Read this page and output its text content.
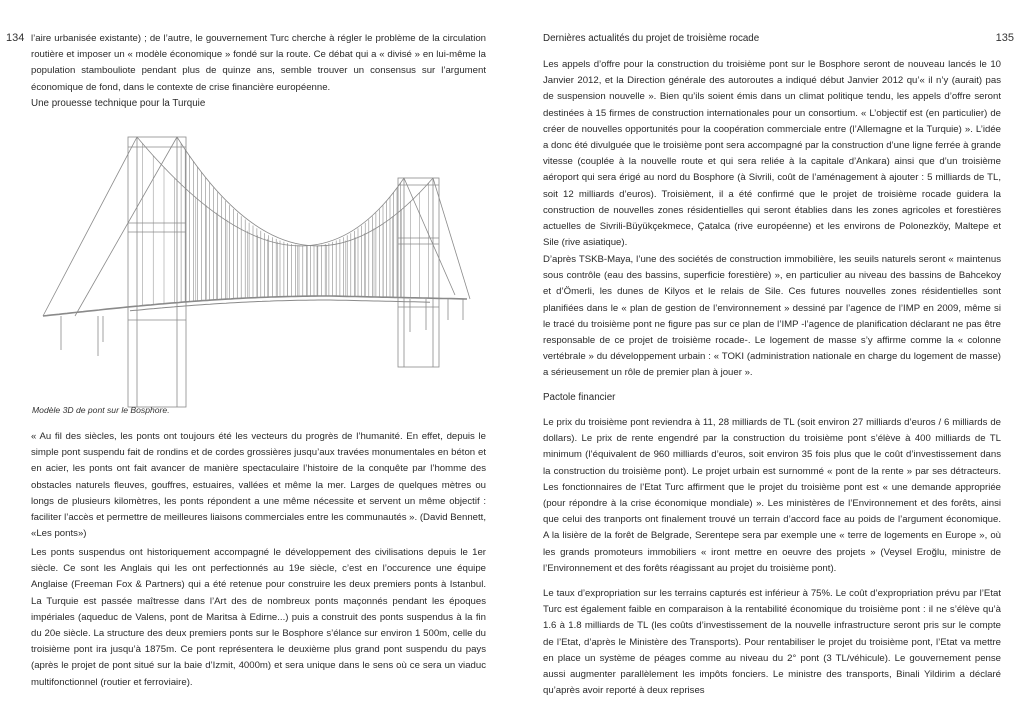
134 l’aire urbanisée existante) ; de l’autre, le gouvernement Turc cherche à régler le problème de la circulation routière et imposer un « modèle économique » fondé sur la route. Ce débat qui a « divisé » en lui-même la population stambouliote pendant plus de quinze ans, semble trouver un consensus sur l’argument économique de fond, dans le contexte de crise financière européenne.

Une prouesse technique pour la Turquie
Modèle 3D de pont sur le Bosphore.

« Au fil des siècles, les ponts ont toujours été les vecteurs du progrès de l’humanité. En effet, depuis le simple pont suspendu fait de rondins et de cordes grossières jusqu’aux travées monumentales en béton et en acier, les ponts ont fait avancer de manière spectaculaire l’histoire de la conquête par l’homme des obstacles naturels fleuves, gouffres, estuaires, vallées et même la mer. Larges de quelques mètres ou longs de plusieurs kilomètres, les ponts répondent a une même nécessite et servent un même objectif : faciliter l’accès et permettre de meilleures liaisons commerciales entre les communautés ». (David Bennett, «Les ponts»)

Les ponts suspendus ont historiquement accompagné le développement des civilisations depuis le 1er siècle. Ce sont les Anglais qui les ont perfectionnés au 19e siècle, c’est en l’occurence une équipe Anglaise (Freeman Fox & Partners) qui a été retenue pour construire les deux premiers ponts à Istanbul. La Turquie est passée maîtresse dans l’Art des de nombreux ponts maçonnés pendant les époques impériales (aqueduc de Valens, pont de Maritsa à Edirne...) puis a construit des ponts suspendus à la fin du 20e siècle. La structure des deux premiers ponts sur le Bosphore s’élance sur environ 1 500m, celle du troisième pont ira jusqu’à 1875m. Ce pont représentera le deuxième plus grand pont suspendu du pays (après le projet de pont situé sur la baie d’Izmit, 4000m) et sera unique dans le sens où ce sera un viaduc multifonctionnel (routier et ferroviaire).

Dernières actualités du projet de troisième rocade	135

Les appels d’offre pour la construction du troisième pont sur le Bosphore seront de nouveau lancés le 10 Janvier 2012, et la Direction générale des autoroutes a indiqué début Janvier 2012 qu’« il n’y (aurait) pas de suspension nouvelle ». Bien qu’ils soient émis dans un climat politique tendu, les appels d’offre seront destinées à 15 firmes de construction internationales pour un consortium. « L’objectif est (en particulier) de créer de nouvelles opportunités pour la coopération commerciale entre (l’Allemagne et la Turquie) ». L’idée a donc été divulguée que le troisième pont sera accompagné par la construction d’une ligne ferrée à grande vitesse (couplée à la nouvelle route et qui sera reliée à la capitale d’Ankara) ainsi que d’un troisième aéroport qui sera érigé au nord du Bosphore (à Sivrili, coût de l’aménagement à ajouter : 5 milliards de TL, soit 12 milliards d’euros). Troisièment, il a été confirmé que le projet de troisième rocade guidera la construction de nouvelles zones résidentielles qui seront établies dans les zones agricoles et forestières actuelles de Sivrili-Büyükçekmece, Çatalca (rive européenne) et les environs de Polonezköy, Maltepe et Sile (rive asiatique).

D’après TSKB-Maya, l’une des sociétés de construction immobilière, les seuils naturels seront « maintenus sous contrôle (eau des bassins, superficie forestière) », en particulier au niveau des bassins de Bahcekoy et d’Ömerli, les dunes de Kilyos et le relais de Sile. Ces futures nouvelles zones résidentielles sont planifiées dans le « plan de gestion de l’environnement » dessiné par l’agence de l’IMP en 2009, même si le tracé du troisième pont ne figure pas sur ce plan de l’IMP -l’agence de planification déclarant ne pas être responsable de ce projet de troisième rocade-. Le logement de masse s’y affirme comme la « colonne vertébrale » du développement urbain : « TOKI (administration nationale en charge du logement de masse) a sérieusement un rôle de premier plan à jouer ».

Pactole financier

Le prix du troisième pont reviendra à 11, 28 milliards de TL (soit environ 27 milliards d’euros / 6 milliards de dollars). Le prix de rente engendré par la construction du troisième pont s’élève à 400 milliards de TL minimum (l’équivalent de 960 milliards d’euros, soit environ 35 fois plus que le coût d’investissement dans la construction du troisième pont). Le projet urbain est surnommé « pont de la rente » par ses détracteurs. Les fonctionnaires de l’Etat Turc affirment que le projet du troisième pont est « une demande appropriée (pour répondre à la crise économique mondiale) ». Les ministères de l’Environnement et des forêts, ainsi que celui des tranports ont finalement trouvé un terrain d’accord face au poids de l’argument économique. A la lisière de la forêt de Belgrade, Serentepe sera par exemple une « terre de logements en Europe », où les grands promoteurs immobiliers « iront mettre en oeuvre des projets » (Veysel Eroğlu, ministre de l’Environnement et des forêts réagissant au projet du troisième pont).

Le taux d’expropriation sur les terrains capturés est inférieur à 75%. Le coût d’expropriation prévu par l’Etat Turc est également faible en comparaison à la rentabilité économique du troisième pont : il ne s’élève qu’à 1.6 à 1.8 milliards de TL (les coûts d’investissement de la nouvelle infrastructure seront pris sur le compte de l’Etat, d’après le Ministère des Transports). Pour rentabiliser le projet du troisième pont, l’Etat va mettre en place un système de péages comme au niveau du 2° pont (3 TL/véhicule). Le gouvernement pense aussi augmenter parallèlement les impôts fonciers. Le ministre des transports, Binali Yildirim a déclaré qu’après avoir reporté à deux reprises
